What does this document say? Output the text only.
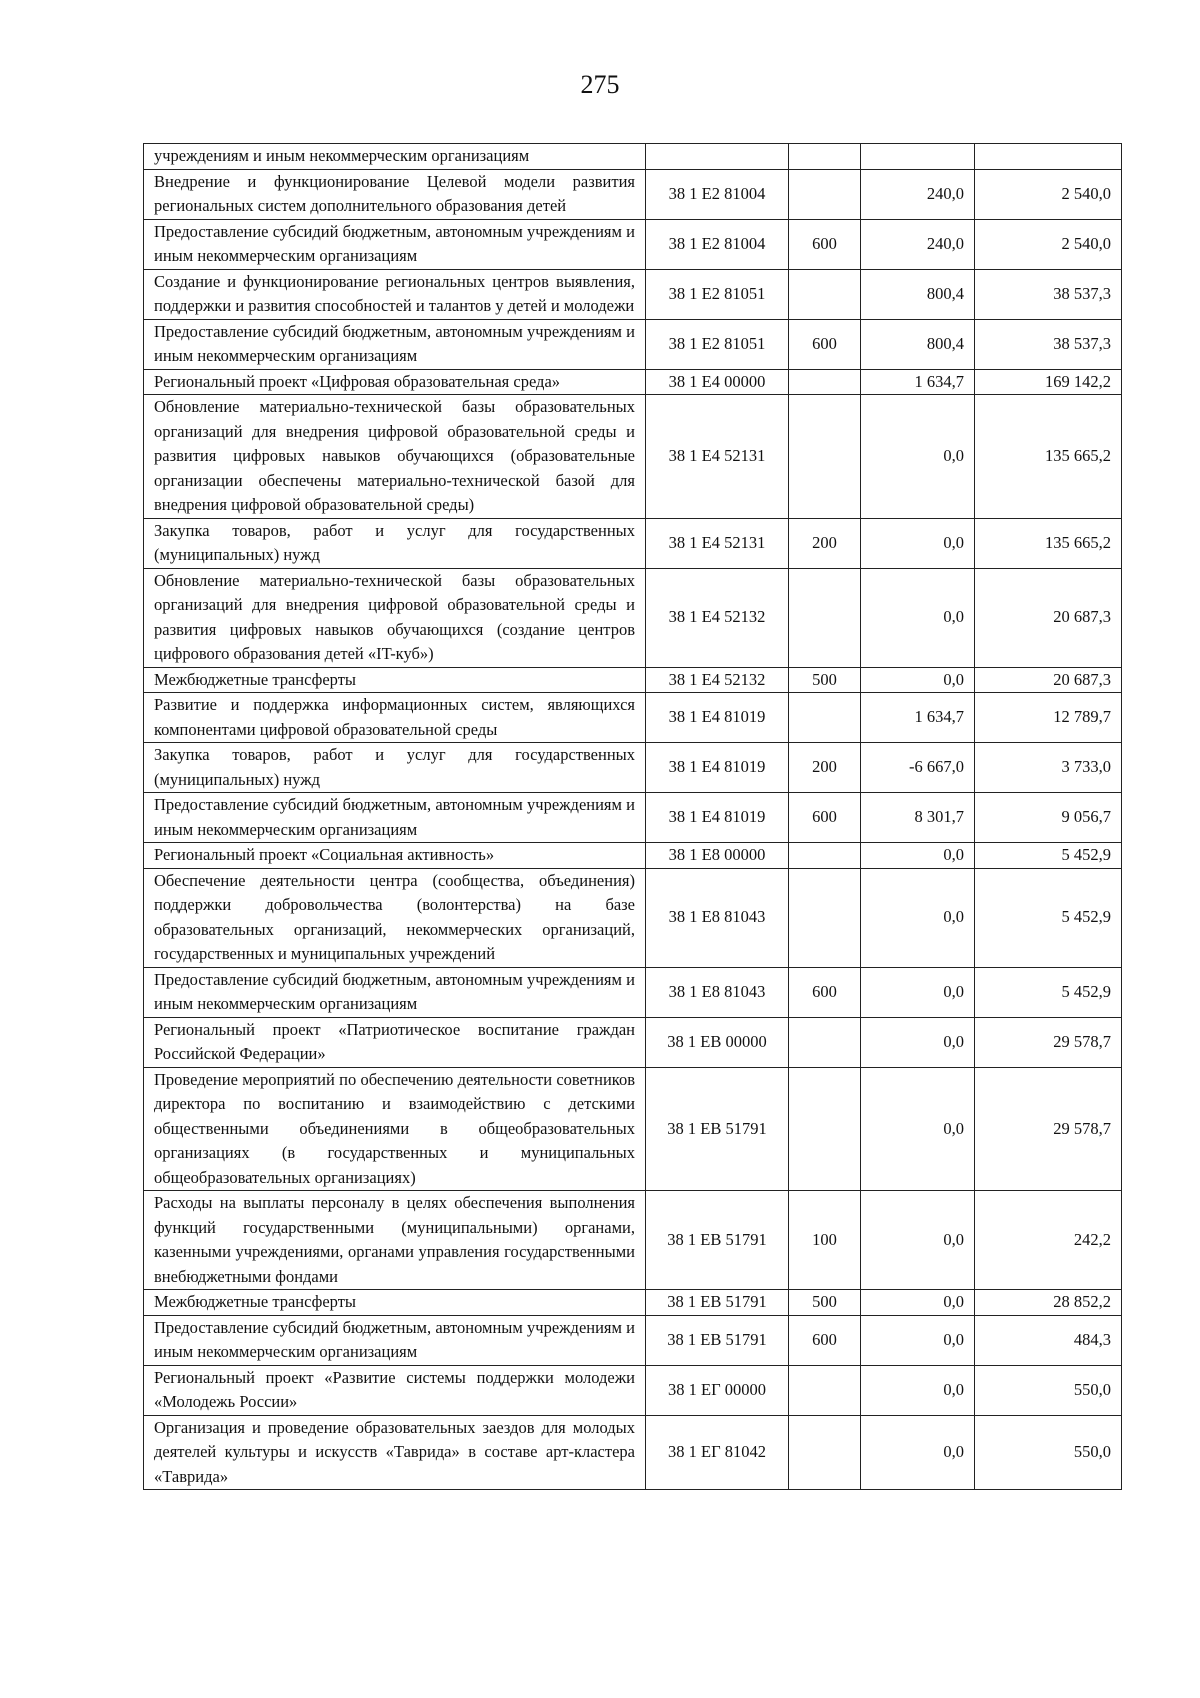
275
учреждениям и иным некоммерческим организациям				
Внедрение и функционирование Целевой модели развития региональных систем дополнительного образования детей	38 1 E2 81004		240,0	2 540,0
Предоставление субсидий бюджетным, автономным учреждениям и иным некоммерческим организациям	38 1 E2 81004	600	240,0	2 540,0
Создание и функционирование региональных центров выявления, поддержки и развития способностей и талантов у детей и молодежи	38 1 E2 81051		800,4	38 537,3
Предоставление субсидий бюджетным, автономным учреждениям и иным некоммерческим организациям	38 1 E2 81051	600	800,4	38 537,3
Региональный проект «Цифровая образовательная среда»	38 1 E4 00000		1 634,7	169 142,2
Обновление материально-технической базы образовательных организаций для внедрения цифровой образовательной среды и развития цифровых навыков обучающихся (образовательные организации обеспечены материально-технической базой для внедрения цифровой образовательной среды)	38 1 E4 52131		0,0	135 665,2
Закупка товаров, работ и услуг для государственных (муниципальных) нужд	38 1 E4 52131	200	0,0	135 665,2
Обновление материально-технической базы образовательных организаций для внедрения цифровой образовательной среды и развития цифровых навыков обучающихся (создание центров цифрового образования детей «IT-куб»)	38 1 E4 52132		0,0	20 687,3
Межбюджетные трансферты	38 1 E4 52132	500	0,0	20 687,3
Развитие и поддержка информационных систем, являющихся компонентами цифровой образовательной среды	38 1 E4 81019		1 634,7	12 789,7
Закупка товаров, работ и услуг для государственных (муниципальных) нужд	38 1 E4 81019	200	-6 667,0	3 733,0
Предоставление субсидий бюджетным, автономным учреждениям и иным некоммерческим организациям	38 1 E4 81019	600	8 301,7	9 056,7
Региональный проект «Социальная активность»	38 1 E8 00000		0,0	5 452,9
Обеспечение деятельности центра (сообщества, объединения) поддержки добровольчества (волонтерства) на базе образовательных организаций, некоммерческих организаций, государственных и муниципальных учреждений	38 1 E8 81043		0,0	5 452,9
Предоставление субсидий бюджетным, автономным учреждениям и иным некоммерческим организациям	38 1 E8 81043	600	0,0	5 452,9
Региональный проект «Патриотическое воспитание граждан Российской Федерации»	38 1 EB 00000		0,0	29 578,7
Проведение мероприятий по обеспечению деятельности советников директора по воспитанию и взаимодействию с детскими общественными объединениями в общеобразовательных организациях (в государственных и муниципальных общеобразовательных организациях)	38 1 EB 51791		0,0	29 578,7
Расходы на выплаты персоналу в целях обеспечения выполнения функций государственными (муниципальными) органами, казенными учреждениями, органами управления государственными внебюджетными фондами	38 1 EB 51791	100	0,0	242,2
Межбюджетные трансферты	38 1 EB 51791	500	0,0	28 852,2
Предоставление субсидий бюджетным, автономным учреждениям и иным некоммерческим организациям	38 1 EB 51791	600	0,0	484,3
Региональный проект «Развитие системы поддержки молодежи «Молодежь России»	38 1 EГ 00000		0,0	550,0
Организация и проведение образовательных заездов для молодых деятелей культуры и искусств «Таврида» в составе арт-кластера «Таврида»	38 1 EГ 81042		0,0	550,0
